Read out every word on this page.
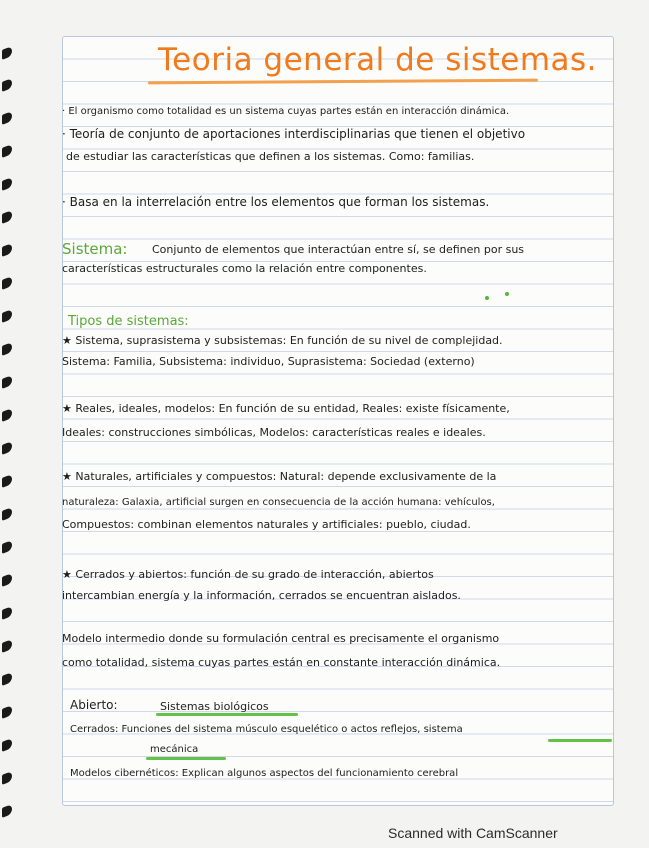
Teoria general de sistemas.
· El organismo como totalidad es un sistema cuyas partes están en interacción dinámica.
· Teoría de conjunto de aportaciones interdisciplinarias que tienen el objetivo
de estudiar las características que definen a los sistemas. Como: familias.
· Basa en la interrelación entre los elementos que forman los sistemas.
Sistema: Conjunto de elementos que interactúan entre sí, se definen por sus
características estructurales como la relación entre componentes.
Tipos de sistemas:
★ Sistema, suprasistema y subsistemas: En función de su nivel de complejidad.
Sistema: Familia, Subsistema: individuo, Suprasistema: Sociedad (externo)
★ Reales, ideales, modelos: En función de su entidad, Reales: existe físicamente,
Ideales: construcciones simbólicas, Modelos: características reales e ideales.
★ Naturales, artificiales y compuestos: Natural: depende exclusivamente de la
naturaleza: Galaxia, artificial surgen en consecuencia de la acción humana: vehículos,
Compuestos: combinan elementos naturales y artificiales: pueblo, ciudad.
★ Cerrados y abiertos: función de su grado de interacción, abiertos
intercambian energía y la información, cerrados se encuentran aislados.
Modelo intermedio donde su formulación central es precisamente el organismo
como totalidad, sistema cuyas partes están en constante interacción dinámica.
Abierto:	Sistemas biológicos
Cerrados: Funciones del sistema músculo esquelético o actos reflejos, sistema
mecánica
Modelos cibernéticos: Explican algunos aspectos del funcionamiento cerebral
Scanned with CamScanner
